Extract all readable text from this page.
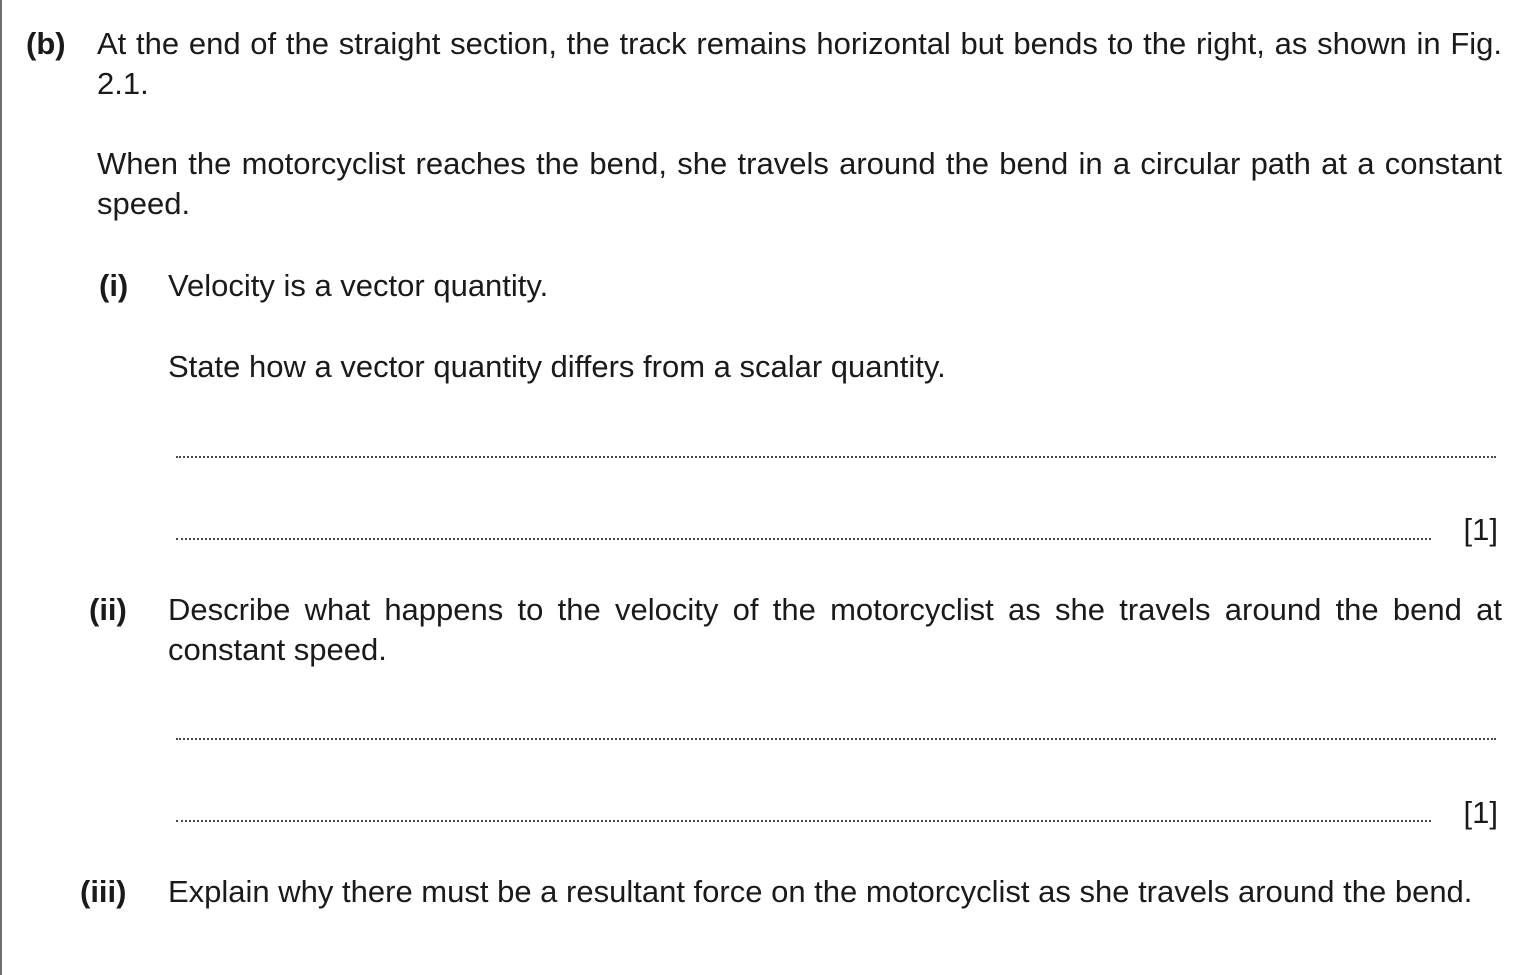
(b) At the end of the straight section, the track remains horizontal but bends to the right, as shown in Fig. 2.1.
When the motorcyclist reaches the bend, she travels around the bend in a circular path at a constant speed.
(i) Velocity is a vector quantity.
State how a vector quantity differs from a scalar quantity.
[1]
(ii) Describe what happens to the velocity of the motorcyclist as she travels around the bend at constant speed.
[1]
(iii) Explain why there must be a resultant force on the motorcyclist as she travels around the bend.
